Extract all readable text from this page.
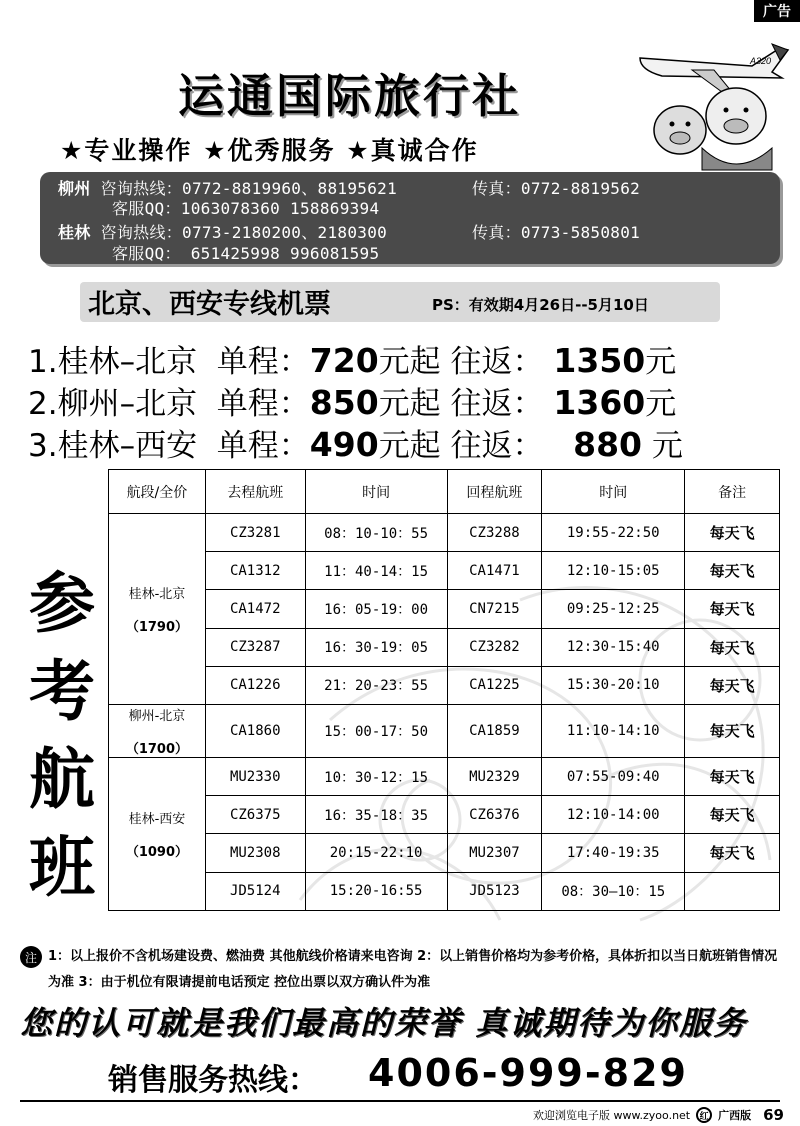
广告
A320
运通国际旅行社
★专业操作 ★优秀服务 ★真诚合作
柳州 咨询热线：0772-8819960、88195621	传真：0772-8819562
客服QQ：1063078360 158869394
桂林 咨询热线：0773-2180200、2180300	传真：0773-5850801
客服QQ： 651425998 996081595
北京、西安专线机票	PS：有效期4月26日--5月10日
1.桂林–北京 单程：720元起 往返： 1350元
2.柳州–北京 单程：850元起 往返： 1360元
3.桂林–西安 单程：490元起 往返： 880 元
参
考
航
班
航段/全价	去程航班	时间	回程航班	时间	备注

桂林-北京
（1790）	CZ3281	08：10-10：55	CZ3288	19:55-22:50	每天飞
	CA1312	11：40-14：15	CA1471	12:10-15:05	每天飞
	CA1472	16：05-19：00	CN7215	09:25-12:25	每天飞
	CZ3287	16：30-19：05	CZ3282	12:30-15:40	每天飞
	CA1226	21：20-23：55	CA1225	15:30-20:10	每天飞

柳州-北京
（1700）	CA1860	15：00-17：50	CA1859	11:10-14:10	每天飞

桂林-西安
（1090）	MU2330	10：30-12：15	MU2329	07:55-09:40	每天飞
	CZ6375	16：35-18：35	CZ6376	12:10-14:00	每天飞
	MU2308	20:15-22:10	MU2307	17:40-19:35	每天飞
	JD5124	15:20-16:55	JD5123	08：30—10：15	
注 1：以上报价不含机场建设费、燃油费 其他航线价格请来电咨询 2：以上销售价格均为参考价格，具体折扣以当日航班销售情况为准 3：由于机位有限请提前电话预定 控位出票以双方确认件为准
您的认可就是我们最高的荣誉 真诚期待为你服务
销售服务热线： 4006-999-829
欢迎浏览电子版 www.zyoo.net	红 广西版 69
